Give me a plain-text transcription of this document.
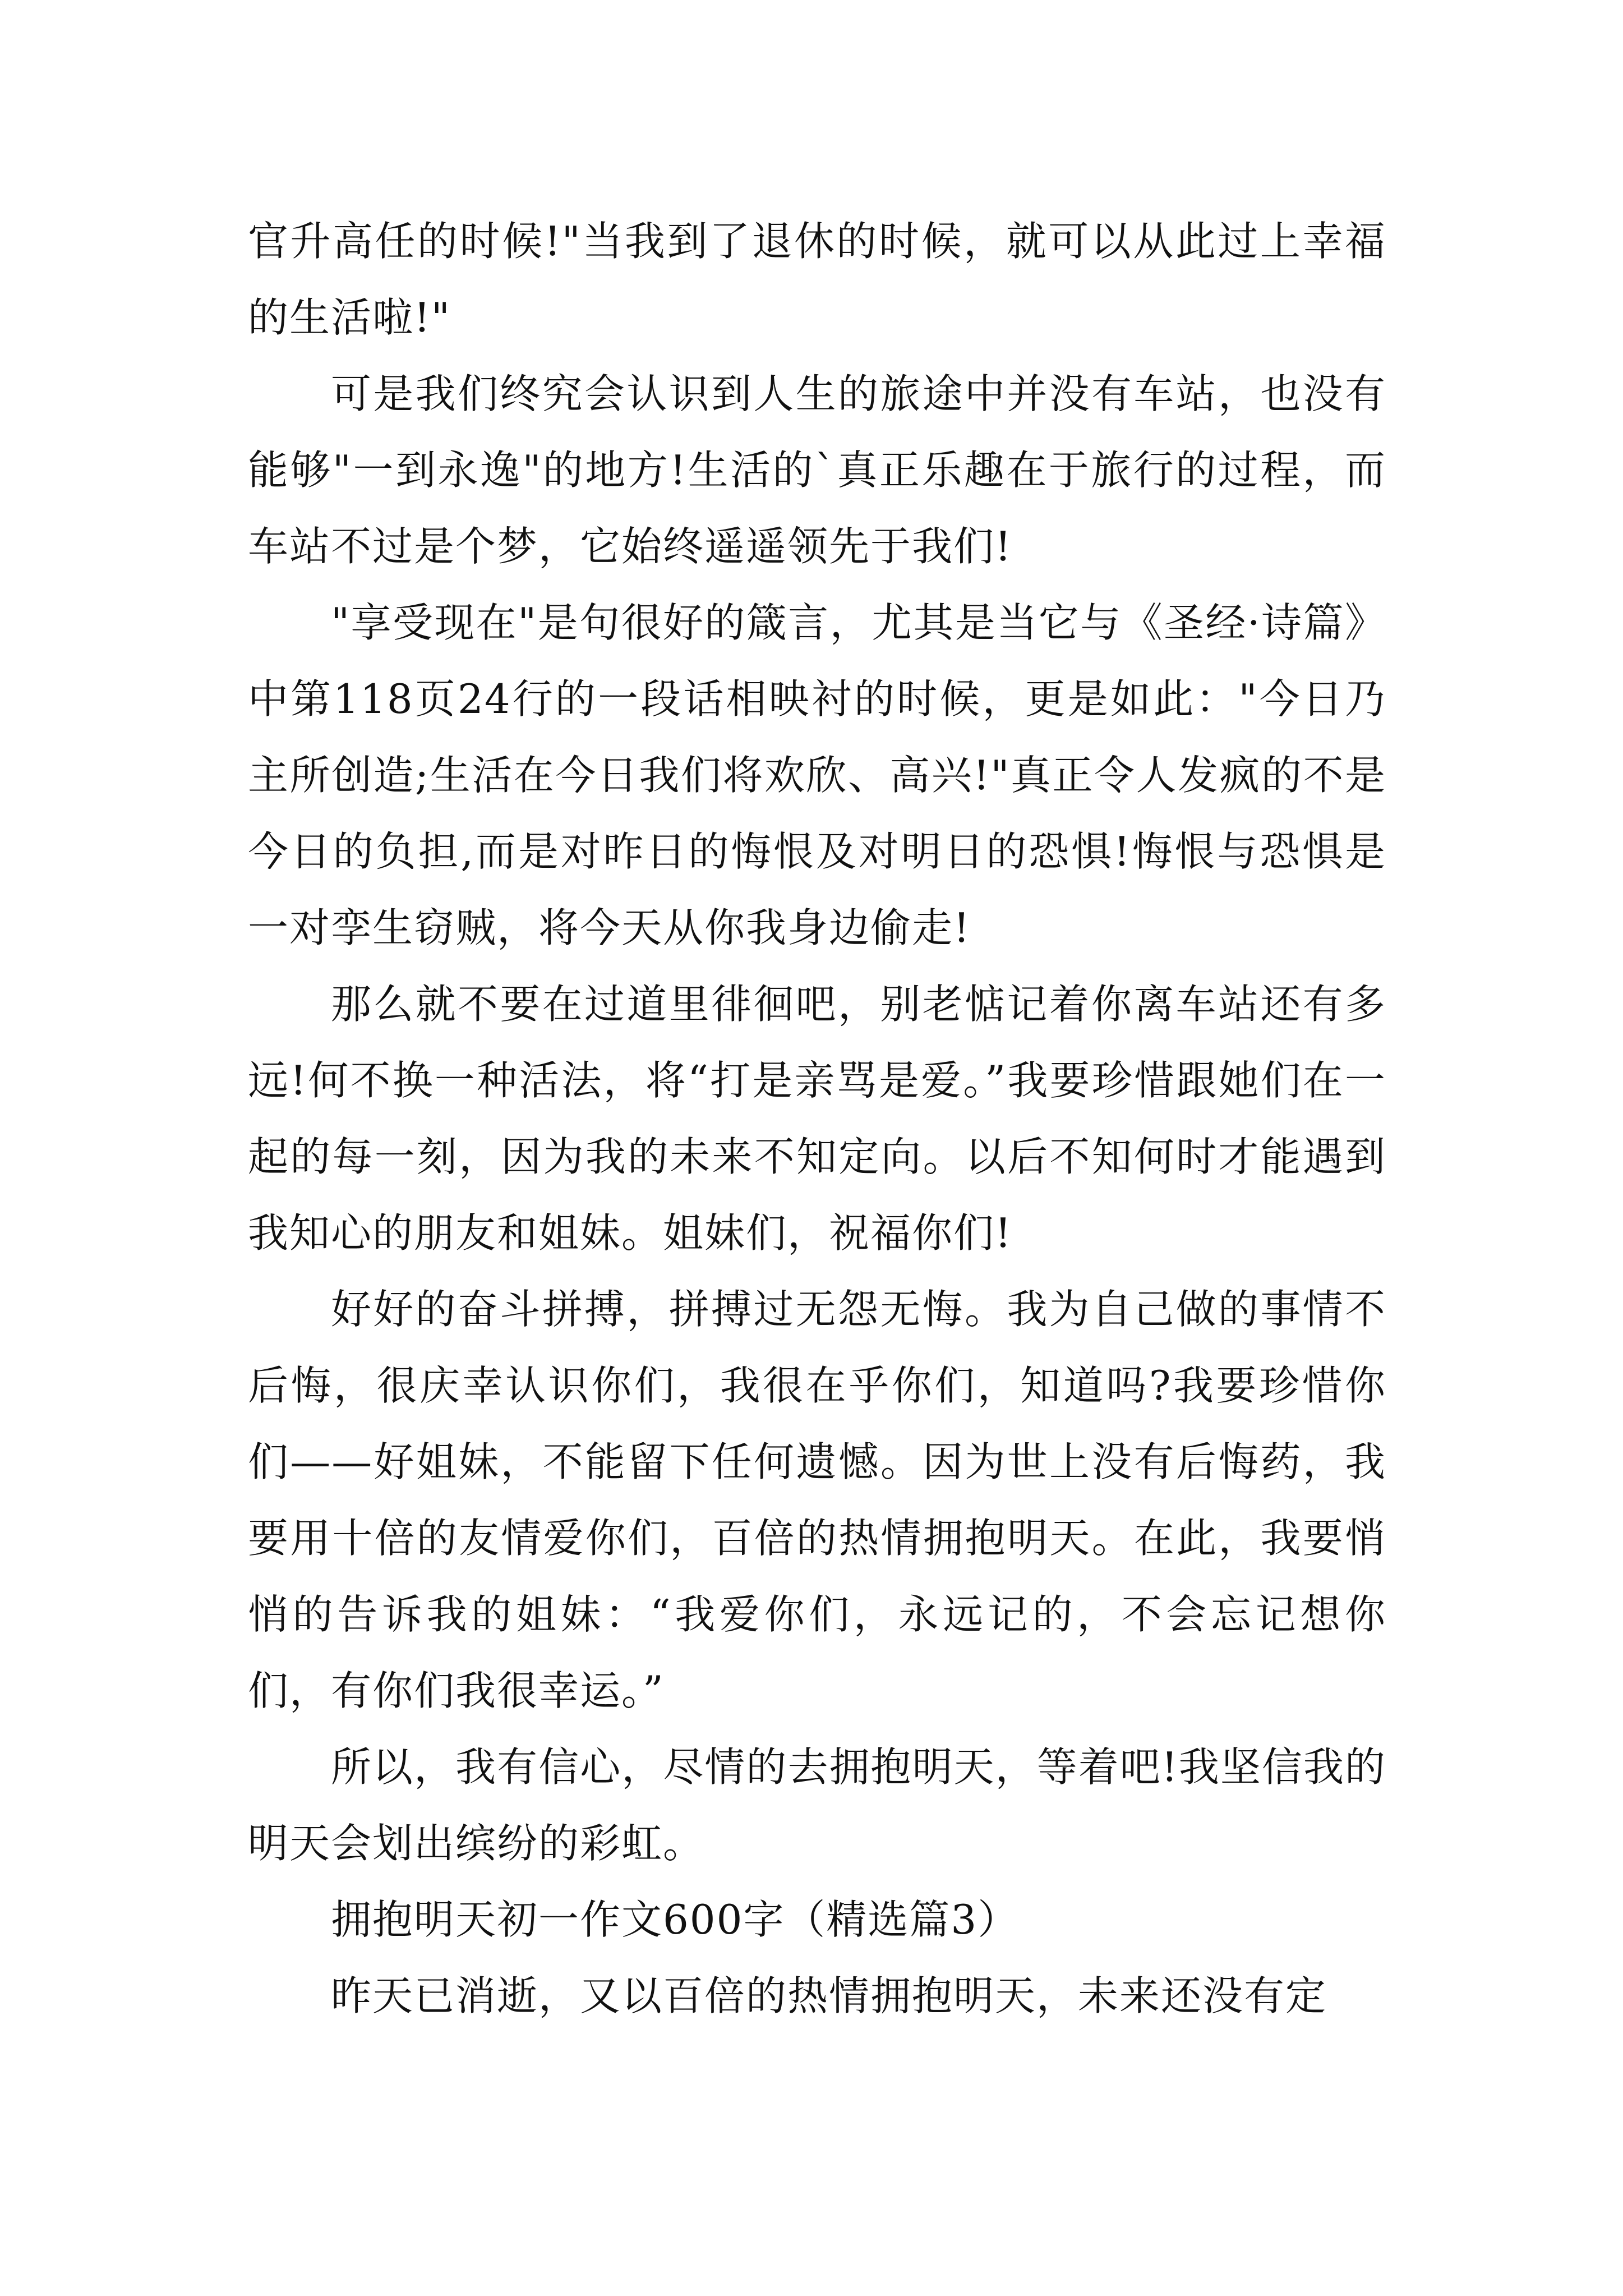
官升高任的时候!"当我到了退休的时候，就可以从此过上幸福的生活啦!"

可是我们终究会认识到人生的旅途中并没有车站，也没有能够"一到永逸"的地方!生活的`真正乐趣在于旅行的过程，而车站不过是个梦，它始终遥遥领先于我们!

"享受现在"是句很好的箴言，尤其是当它与《圣经·诗篇》中第118页24行的一段话相映衬的时候，更是如此："今日乃主所创造;生活在今日我们将欢欣、高兴!"真正令人发疯的不是今日的负担,而是对昨日的悔恨及对明日的恐惧!悔恨与恐惧是一对孪生窃贼，将今天从你我身边偷走!

那么就不要在过道里徘徊吧，别老惦记着你离车站还有多远!何不换一种活法，将“打是亲骂是爱。”我要珍惜跟她们在一起的每一刻，因为我的未来不知定向。以后不知何时才能遇到我知心的朋友和姐妹。姐妹们，祝福你们!

好好的奋斗拼搏，拼搏过无怨无悔。我为自己做的事情不后悔，很庆幸认识你们，我很在乎你们，知道吗?我要珍惜你们——好姐妹，不能留下任何遗憾。因为世上没有后悔药，我要用十倍的友情爱你们，百倍的热情拥抱明天。在此，我要悄悄的告诉我的姐妹：“我爱你们，永远记的，不会忘记想你们，有你们我很幸运。”

所以，我有信心，尽情的去拥抱明天，等着吧!我坚信我的明天会划出缤纷的彩虹。

拥抱明天初一作文600字（精选篇3）

昨天已消逝，又以百倍的热情拥抱明天，未来还没有定
